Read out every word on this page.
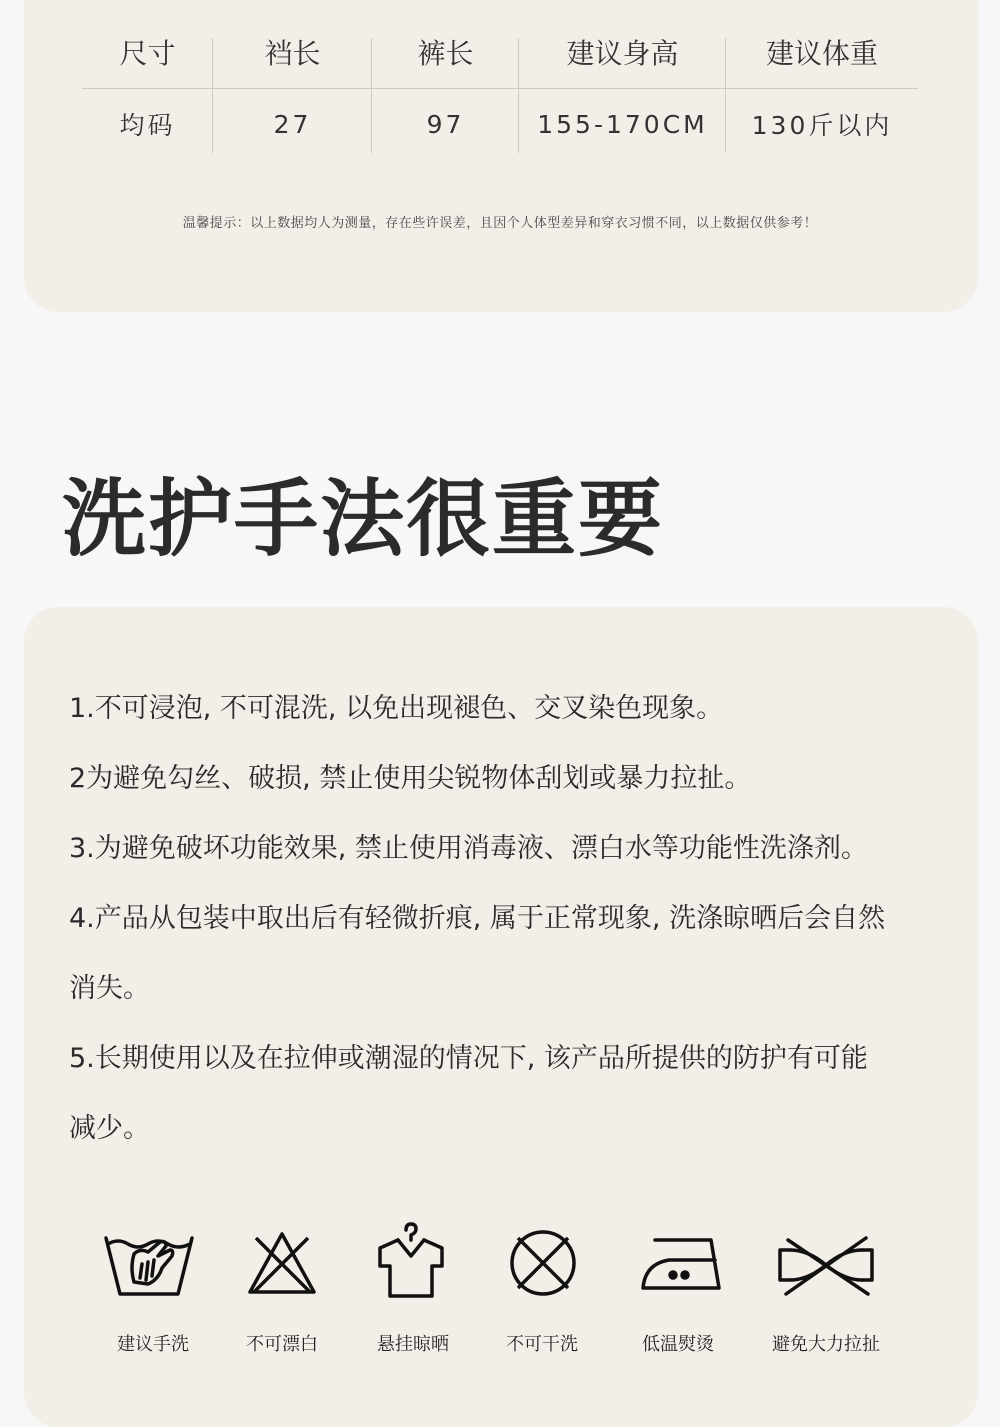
尺寸	裆长	裤长	建议身高	建议体重
均码	27	97	155-170CM	130斤以内
温馨提示：以上数据均人为测量，存在些许误差，且因个人体型差异和穿衣习惯不同，以上数据仅供参考！
洗护手法很重要

1.不可浸泡, 不可混洗, 以免出现褪色、交叉染色现象。

2为避免勾丝、破损, 禁止使用尖锐物体刮划或暴力拉扯。

3.为避免破坏功能效果, 禁止使用消毒液、漂白水等功能性洗涤剂。

4.产品从包装中取出后有轻微折痕, 属于正常现象, 洗涤晾晒后会自然

消失。

5.长期使用以及在拉伸或潮湿的情况下, 该产品所提供的防护有可能

减少。

建议手洗	不可漂白	悬挂晾晒	不可干洗	低温熨烫	避免大力拉扯
